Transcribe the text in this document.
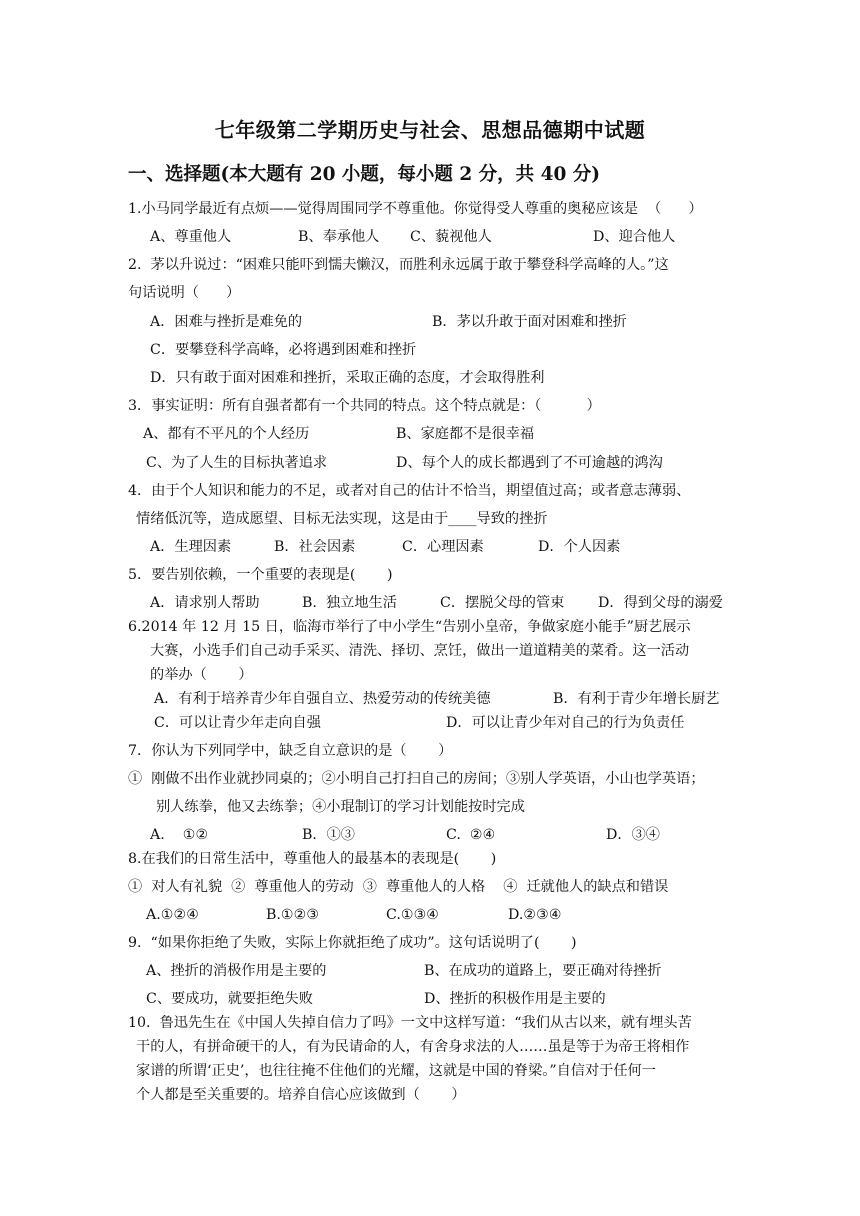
七年级第二学期历史与社会、思想品德期中试题
一、选择题(本大题有 20 小题，每小题 2 分，共 40 分)
1.小马同学最近有点烦——觉得周围同学不尊重他。你觉得受人尊重的奥秘应该是  （      ）
A、尊重他人	B、奉承他人 C、藐视他人	D、迎合他人
2.  茅以升说过：“困难只能吓到懦夫懒汉，而胜利永远属于敢于攀登科学高峰的人。”这
句话说明（      ）
A．困难与挫折是难免的	B．茅以升敢于面对困难和挫折
C．要攀登科学高峰，必将遇到困难和挫折
D．只有敢于面对困难和挫折，采取正确的态度，才会取得胜利
3．事实证明：所有自强者都有一个共同的特点。这个特点就是：（          ）
A、都有不平凡的个人经历	B、家庭都不是很幸福
C、为了人生的目标执著追求	D、每个人的成长都遇到了不可逾越的鸿沟
4．由于个人知识和能力的不足，或者对自己的估计不恰当，期望值过高；或者意志薄弱、
情绪低沉等，造成愿望、目标无法实现，这是由于____导致的挫折
A．生理因素	B．社会因素	C．心理因素	D．个人因素
5．要告别依赖，一个重要的表现是(       )
A．请求别人帮助	B.  独立地生活	C．摆脱父母的管束 D．得到父母的溺爱
6.2014 年 12 月 15 日，临海市举行了中小学生“告别小皇帝，争做家庭小能手”厨艺展示
大赛，小选手们自己动手采买、清洗、择切、烹饪，做出一道道精美的菜肴。这一活动
的举办（       ）
A．有利于培养青少年自强自立、热爱劳动的传统美德	B．有利于青少年增长厨艺
C．可以让青少年走向自强	D．可以让青少年对自己的行为负责任
7．你认为下列同学中，缺乏自立意识的是（       ）
①  刚做不出作业就抄同桌的；②小明自己打扫自己的房间；③别人学英语，小山也学英语；
别人练拳，他又去练拳；④小琨制订的学习计划能按时完成
A.    ①②	B．①③	C.  ②④	D．③④
8.在我们的日常生活中，尊重他人的最基本的表现是(       )
①  对人有礼貌  ②  尊重他人的劳动  ③  尊重他人的人格    ④  迁就他人的缺点和错误
A.①②④	B.①②③	C.①③④	D.②③④
9.  “如果你拒绝了失败，实际上你就拒绝了成功”。这句话说明了(       )
A、挫折的消极作用是主要的	B、在成功的道路上，要正确对待挫折
C、要成功，就要拒绝失败	D、挫折的积极作用是主要的
10.  鲁迅先生在《中国人失掉自信力了吗》一文中这样写道：“我们从古以来，就有埋头苦
干的人，有拼命硬干的人，有为民请命的人，有舍身求法的人……虽是等于为帝王将相作
家谱的所谓‘正史’，也往往掩不住他们的光耀，这就是中国的脊梁。”自信对于任何一
个人都是至关重要的。培养自信心应该做到（       ）
